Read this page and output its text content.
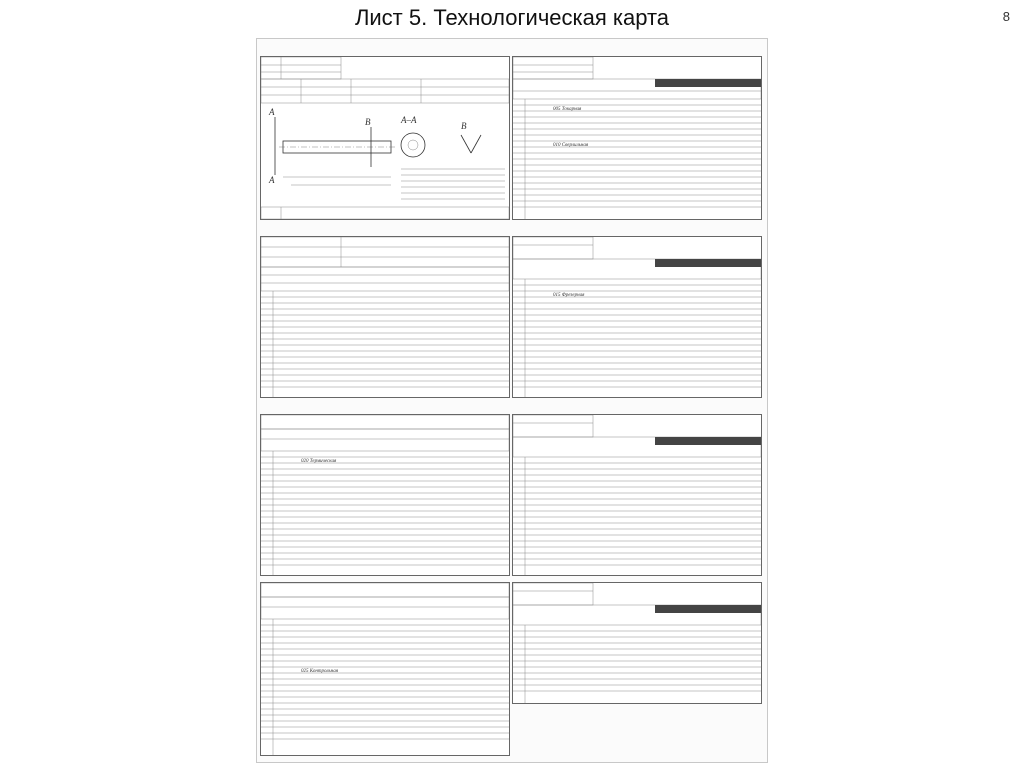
Лист 5. Технологическая карта	8
А
А
В	А–А
В
005 Токарная
010 Сверлильная
015 Фрезерная
020 Термическая
025 Контрольная
